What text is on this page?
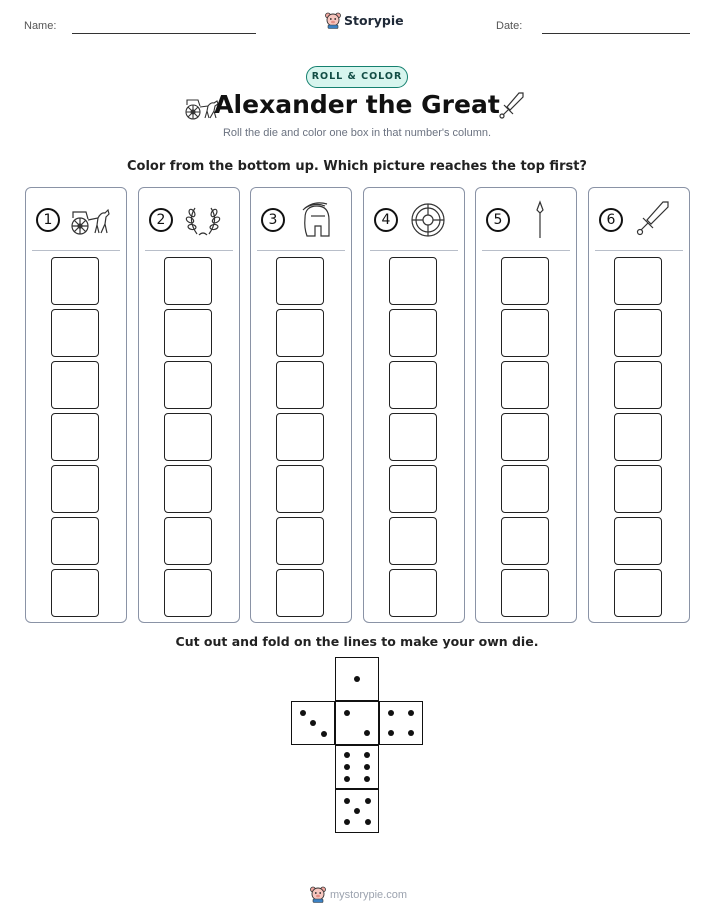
Name:	Storypie	Date:
ROLL & COLOR
Alexander the Great
Roll the die and color one box in that number's column.
Color from the bottom up. Which picture reaches the top first?
1	2	3	4	5	6
Cut out and fold on the lines to make your own die.
mystorypie.com
